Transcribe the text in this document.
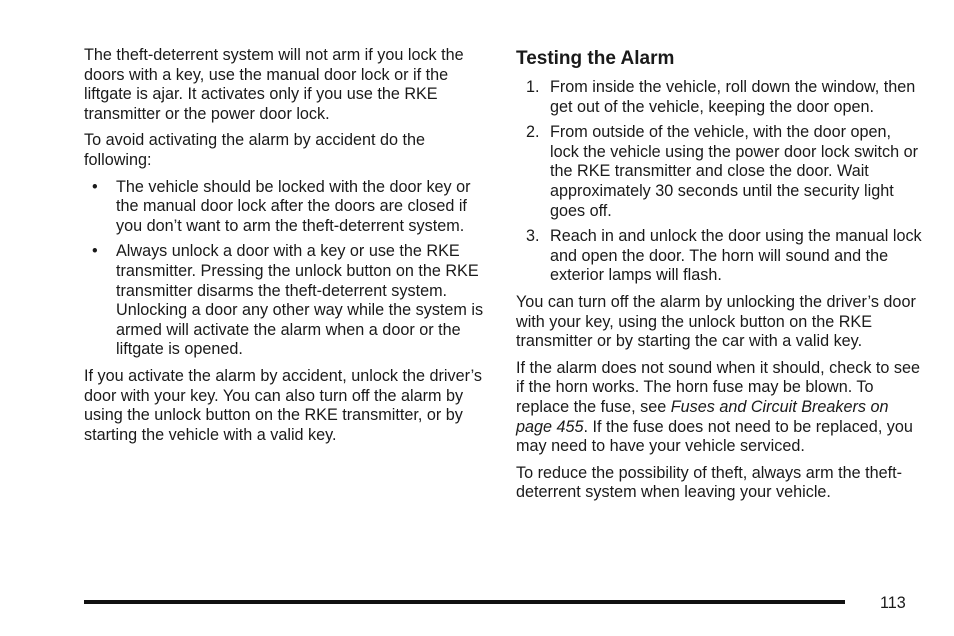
The theft-deterrent system will not arm if you lock the doors with a key, use the manual door lock or if the liftgate is ajar. It activates only if you use the RKE transmitter or the power door lock.

To avoid activating the alarm by accident do the following:

• The vehicle should be locked with the door key or the manual door lock after the doors are closed if you don’t want to arm the theft-deterrent system.
• Always unlock a door with a key or use the RKE transmitter. Pressing the unlock button on the RKE transmitter disarms the theft-deterrent system. Unlocking a door any other way while the system is armed will activate the alarm when a door or the liftgate is opened.

If you activate the alarm by accident, unlock the driver’s door with your key. You can also turn off the alarm by using the unlock button on the RKE transmitter, or by starting the vehicle with a valid key.

Testing the Alarm
1. From inside the vehicle, roll down the window, then get out of the vehicle, keeping the door open.
2. From outside of the vehicle, with the door open, lock the vehicle using the power door lock switch or the RKE transmitter and close the door. Wait approximately 30 seconds until the security light goes off.
3. Reach in and unlock the door using the manual lock and open the door. The horn will sound and the exterior lamps will flash.

You can turn off the alarm by unlocking the driver’s door with your key, using the unlock button on the RKE transmitter or by starting the car with a valid key.

If the alarm does not sound when it should, check to see if the horn works. The horn fuse may be blown. To replace the fuse, see Fuses and Circuit Breakers on page 455. If the fuse does not need to be replaced, you may need to have your vehicle serviced.

To reduce the possibility of theft, always arm the theft-deterrent system when leaving your vehicle.

113
